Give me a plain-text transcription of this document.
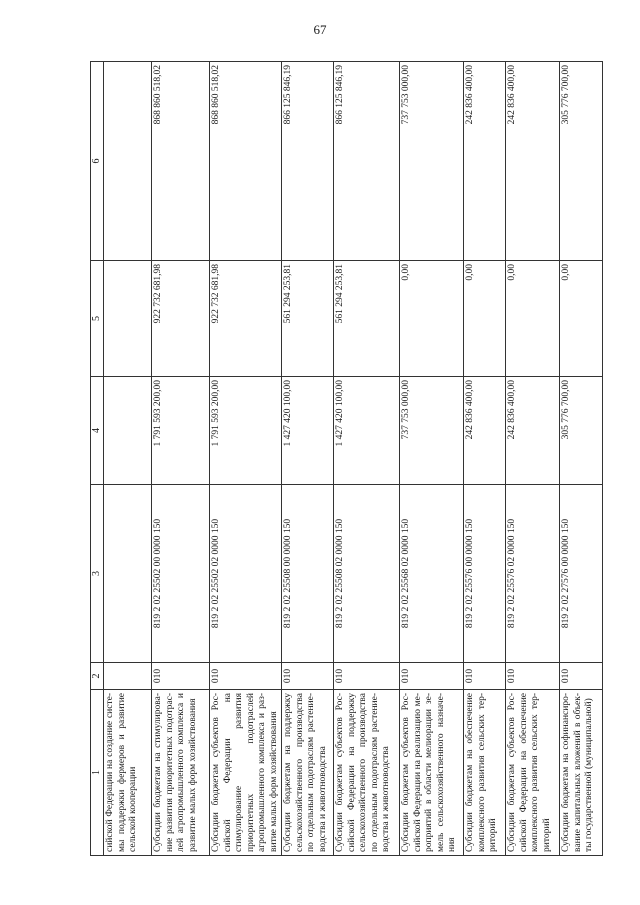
67
1	2	3	4	5	6
сийской Федерации на создание систе-мы поддержки фермеров и развитие сельской кооперации					
Субсидии бюджетам на стимулирова-ние развития приоритетных подотрас-лей агропромышленного комплекса и развитие малых форм хозяйствования	010	819 2 02 25502 00 0000 150	1 791 593 200,00	922 732 681,98	868 860 518,02
Субсидии бюджетам субъектов Рос-сийской Федерации на стимулирование развития приоритетных подотраслей агропромышленного комплекса и раз-витие малых форм хозяйствования	010	819 2 02 25502 02 0000 150	1 791 593 200,00	922 732 681,98	868 860 518,02
Субсидии бюджетам на поддержку сельскохозяйственного производства по отдельным подотраслям растение-водства и животноводства	010	819 2 02 25508 00 0000 150	1 427 420 100,00	561 294 253,81	866 125 846,19
Субсидии бюджетам субъектов Рос-сийской Федерации на поддержку сельскохозяйственного производства по отдельным подотраслям растение-водства и животноводства	010	819 2 02 25508 02 0000 150	1 427 420 100,00	561 294 253,81	866 125 846,19
Субсидии бюджетам субъектов Рос-сийской Федерации на реализацию ме-роприятий в области мелиорации зе-мель сельскохозяйственного назначе-ния	010	819 2 02 25568 02 0000 150	737 753 000,00	0,00	737 753 000,00
Субсидии бюджетам на обеспечение комплексного развития сельских тер-риторий	010	819 2 02 25576 00 0000 150	242 836 400,00	0,00	242 836 400,00
Субсидии бюджетам субъектов Рос-сийской Федерации на обеспечение комплексного развития сельских тер-риторий	010	819 2 02 25576 02 0000 150	242 836 400,00	0,00	242 836 400,00
Субсидии бюджетам на софинансиро-вание капитальных вложений в объек-ты государственной (муниципальной)	010	819 2 02 27576 00 0000 150	305 776 700,00	0,00	305 776 700,00
